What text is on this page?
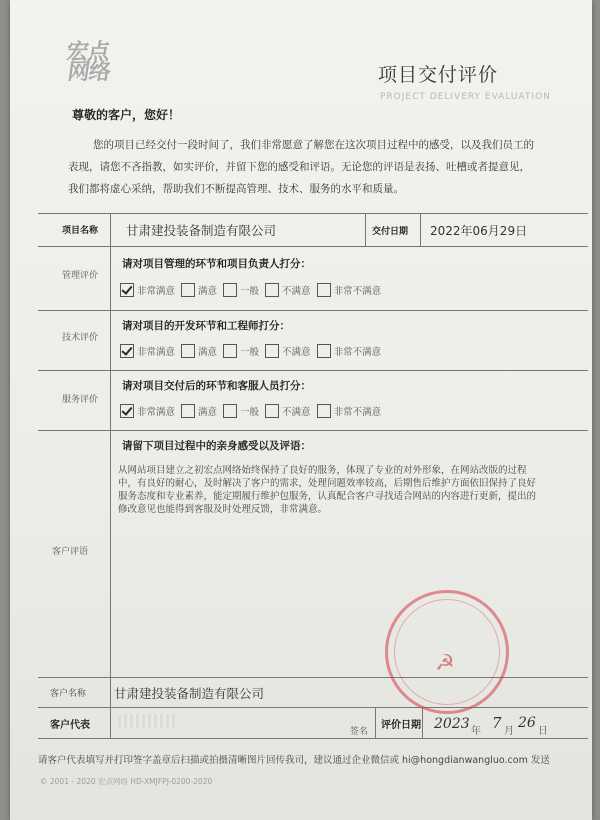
宏点
网络	项目交付评价
PROJECT DELIVERY EVALUATION
尊敬的客户，您好！
您的项目已经交付一段时间了，我们非常愿意了解您在这次项目过程中的感受，以及我们员工的表现，请您不吝指教，如实评价，并留下您的感受和评语。无论您的评语是表扬、吐槽或者提意见，我们都将虚心采纳，帮助我们不断提高管理、技术、服务的水平和质量。
项目名称 甘肃建投装备制造有限公司	交付日期 2022年06月29日
管理评价
请对项目管理的环节和项目负责人打分：
非常满意 满意 一般 不满意 非常不满意
技术评价
请对项目的开发环节和工程师打分：
非常满意 满意 一般 不满意 非常不满意
服务评价
请对项目交付后的环节和客服人员打分：
非常满意 满意 一般 不满意 非常不满意
客户评语
请留下项目过程中的亲身感受以及评语：
从网站项目建立之初宏点网络始终保持了良好的服务，体现了专业的对外形象，在网站改版的过程中，有良好的耐心，及时解决了客户的需求，处理问题效率较高，后期售后维护方面依旧保持了良好服务态度和专业素养，能定期履行维护包服务，认真配合客户寻找适合网站的内容进行更新，提出的修改意见也能得到客服及时处理反馈，非常满意。
☭
客户名称 甘肃建投装备制造有限公司
客户代表
签名
评价日期 2023 年 7 月
26
日
请客户代表填写并打印签字盖章后扫描或拍摄清晰图片回传我司，建议通过企业微信或 hi@hongdianwangluo.com 发送
© 2001 - 2020 宏点网络 HD-XMJFPJ-0200-2020
